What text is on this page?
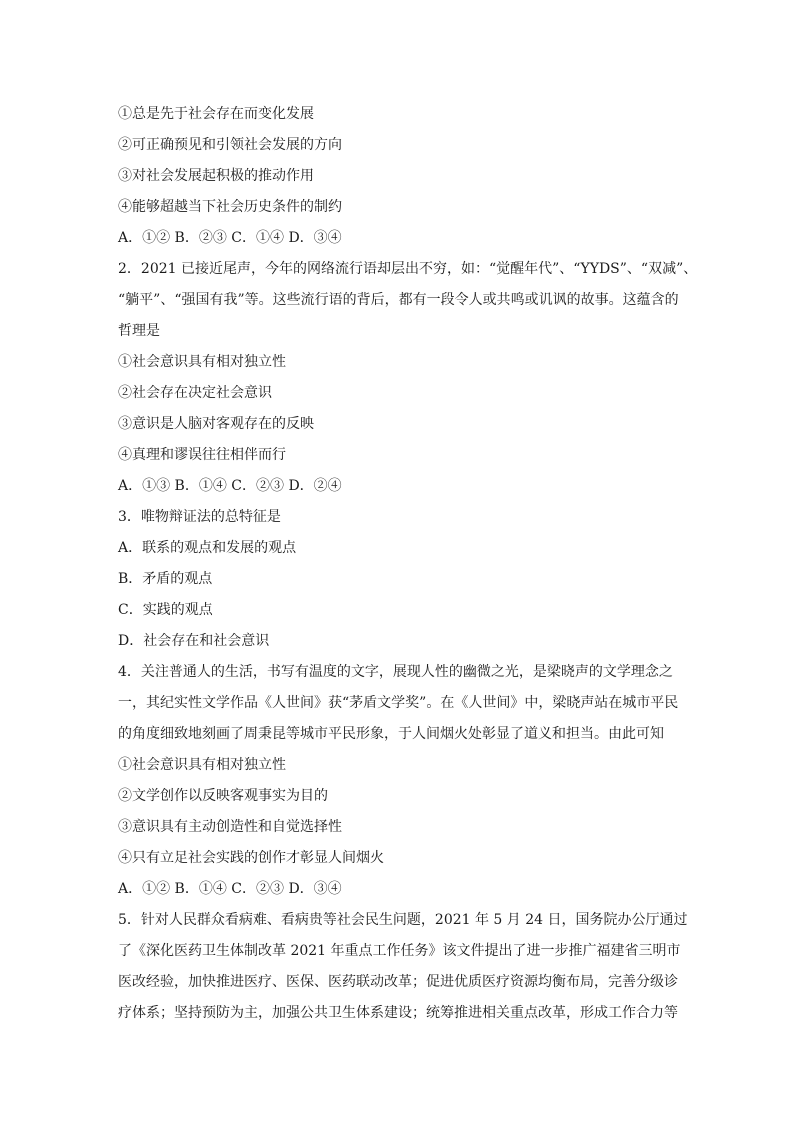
①总是先于社会存在而变化发展
②可正确预见和引领社会发展的方向
③对社会发展起积极的推动作用
④能够超越当下社会历史条件的制约
A．①② B．②③ C．①④ D．③④
2．2021 已接近尾声，今年的网络流行语却层出不穷，如：“觉醒年代”、“YYDS”、“双减”、
“躺平”、“强国有我”等。这些流行语的背后，都有一段令人或共鸣或讥讽的故事。这蕴含的
哲理是
①社会意识具有相对独立性
②社会存在决定社会意识
③意识是人脑对客观存在的反映
④真理和谬误往往相伴而行
A．①③ B．①④ C．②③ D．②④
3．唯物辩证法的总特征是
A．联系的观点和发展的观点
B．矛盾的观点
C．实践的观点
D．社会存在和社会意识
4．关注普通人的生活，书写有温度的文字，展现人性的幽微之光，是梁晓声的文学理念之
一，其纪实性文学作品《人世间》获“茅盾文学奖”。在《人世间》中，梁晓声站在城市平民
的角度细致地刻画了周秉昆等城市平民形象，于人间烟火处彰显了道义和担当。由此可知
①社会意识具有相对独立性
②文学创作以反映客观事实为目的
③意识具有主动创造性和自觉选择性
④只有立足社会实践的创作才彰显人间烟火
A．①② B．①④ C．②③ D．③④
5．针对人民群众看病难、看病贵等社会民生问题，2021 年 5 月 24 日，国务院办公厅通过
了《深化医药卫生体制改革 2021 年重点工作任务》该文件提出了进一步推广福建省三明市
医改经验，加快推进医疗、医保、医药联动改革；促进优质医疗资源均衡布局，完善分级诊
疗体系；坚持预防为主，加强公共卫生体系建设；统筹推进相关重点改革，形成工作合力等
